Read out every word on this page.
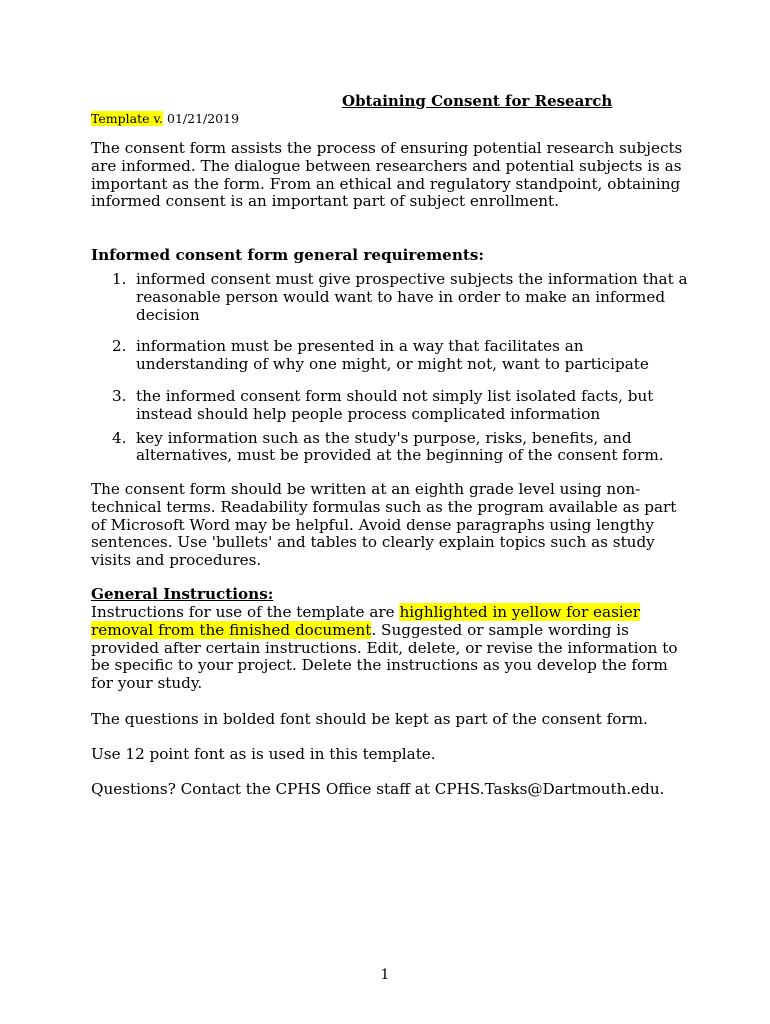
Obtaining Consent for Research
Template v. 01/21/2019

The consent form assists the process of ensuring potential research subjects are informed. The dialogue between researchers and potential subjects is as important as the form. From an ethical and regulatory standpoint, obtaining informed consent is an important part of subject enrollment.

Informed consent form general requirements:
1. informed consent must give prospective subjects the information that a reasonable person would want to have in order to make an informed decision
2. information must be presented in a way that facilitates an understanding of why one might, or might not, want to participate
3. the informed consent form should not simply list isolated facts, but instead should help people process complicated information
4. key information such as the study's purpose, risks, benefits, and alternatives, must be provided at the beginning of the consent form.

The consent form should be written at an eighth grade level using non-technical terms. Readability formulas such as the program available as part of Microsoft Word may be helpful. Avoid dense paragraphs using lengthy sentences. Use 'bullets' and tables to clearly explain topics such as study visits and procedures.

General Instructions:

Instructions for use of the template are highlighted in yellow for easier removal from the finished document. Suggested or sample wording is provided after certain instructions. Edit, delete, or revise the information to be specific to your project. Delete the instructions as you develop the form for your study.

The questions in bolded font should be kept as part of the consent form.

Use 12 point font as is used in this template.

Questions? Contact the CPHS Office staff at CPHS.Tasks@Dartmouth.edu.

1
